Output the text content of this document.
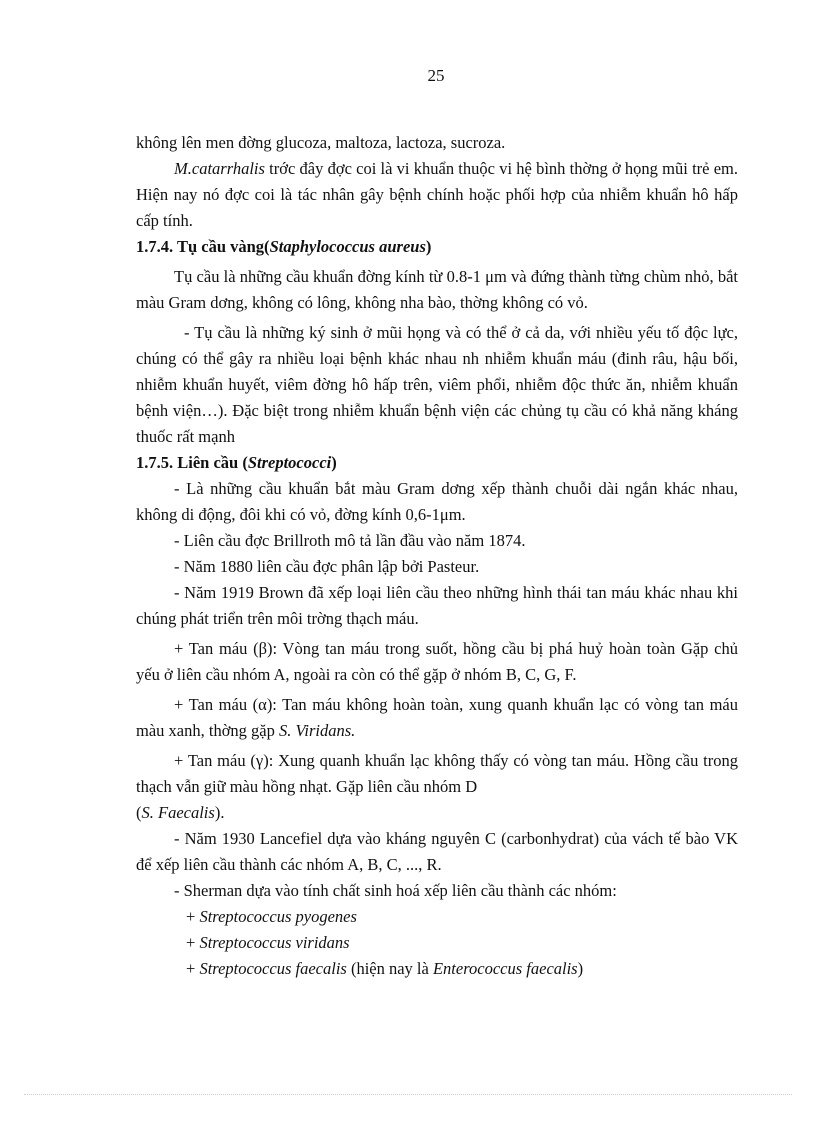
25

không lên men đờng glucoza, maltoza, lactoza, sucroza.

M.catarrhalis trớc đây đợc coi là vi khuẩn thuộc vi hệ bình thờng ở họng mũi trẻ em. Hiện nay nó đợc coi là tác nhân gây bệnh chính hoặc phối hợp của nhiễm khuẩn hô hấp cấp tính.

1.7.4. Tụ cầu vàng(Staphylococcus aureus)

Tụ cầu là những cầu khuẩn đờng kính từ 0.8-1 μm và đứng thành từng chùm nhỏ, bắt màu Gram dơng, không có lông, không nha bào, thờng không có vỏ.

- Tụ cầu là những ký sinh ở mũi họng và có thể ở cả da, với nhiều yếu tố độc lực, chúng có thể gây ra nhiều loại bệnh khác nhau nh nhiễm khuẩn máu (đinh râu, hậu bối, nhiễm khuẩn huyết, viêm đờng hô hấp trên, viêm phổi, nhiễm độc thức ăn, nhiễm khuẩn bệnh viện…). Đặc biệt trong nhiễm khuẩn bệnh viện các chủng tụ cầu có khả năng kháng thuốc rất mạnh

1.7.5. Liên cầu (Streptococci)

- Là những cầu khuẩn bắt màu Gram dơng xếp thành chuỗi dài ngắn khác nhau, không di động, đôi khi có vỏ, đờng kính 0,6-1μm.

- Liên cầu đợc Brillroth mô tả lần đầu vào năm 1874.

- Năm 1880 liên cầu đợc phân lập bởi Pasteur.

- Năm 1919 Brown đã xếp loại liên cầu theo những hình thái tan máu khác nhau khi chúng phát triển trên môi trờng thạch máu.

+ Tan máu (β): Vòng tan máu trong suốt, hồng cầu bị phá huỷ hoàn toàn Gặp chủ yếu ở liên cầu nhóm A, ngoài ra còn có thể gặp ở nhóm B, C, G, F.

+ Tan máu (α): Tan máu không hoàn toàn, xung quanh khuẩn lạc có vòng tan máu màu xanh, thờng gặp S. Viridans.

+ Tan máu (γ): Xung quanh khuẩn lạc không thấy có vòng tan máu. Hồng cầu trong thạch vẫn giữ màu hồng nhạt. Gặp liên cầu nhóm D
(S. Faecalis).

- Năm 1930 Lancefiel dựa vào kháng nguyên C (carbonhydrat) của vách tế bào VK để xếp liên cầu thành các nhóm A, B, C, ..., R.

- Sherman dựa vào tính chất sinh hoá xếp liên cầu thành các nhóm:

+ Streptococcus pyogenes

+ Streptococcus viridans

+ Streptococcus faecalis (hiện nay là Enterococcus faecalis)
